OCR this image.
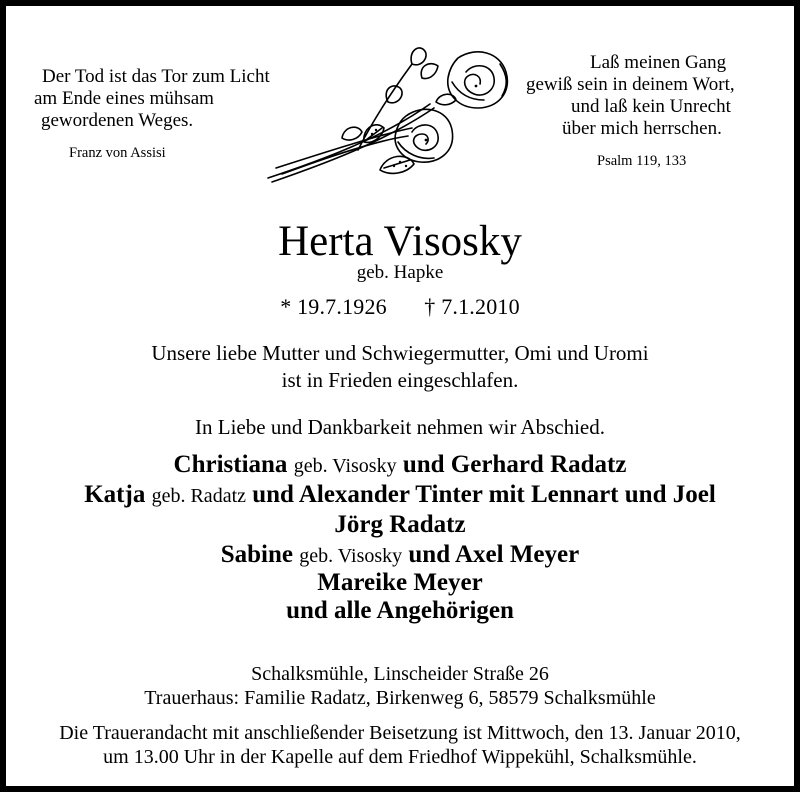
Der Tod ist das Tor zum Licht
am Ende eines mühsam
gewordenen Weges.
Franz von Assisi
Laß meinen Gang
gewiß sein in deinem Wort,
und laß kein Unrecht
über mich herrschen.
Psalm 119, 133
Herta Visosky
geb. Hapke
* 19.7.1926 † 7.1.2010
Unsere liebe Mutter und Schwiegermutter, Omi und Uromi
ist in Frieden eingeschlafen.
In Liebe und Dankbarkeit nehmen wir Abschied.
Christiana geb. Visosky und Gerhard Radatz
Katja geb. Radatz und Alexander Tinter mit Lennart und Joel
Jörg Radatz
Sabine geb. Visosky und Axel Meyer
Mareike Meyer
und alle Angehörigen
Schalksmühle, Linscheider Straße 26
Trauerhaus: Familie Radatz, Birkenweg 6, 58579 Schalksmühle
Die Trauerandacht mit anschließender Beisetzung ist Mittwoch, den 13. Januar 2010,
um 13.00 Uhr in der Kapelle auf dem Friedhof Wippekühl, Schalksmühle.
